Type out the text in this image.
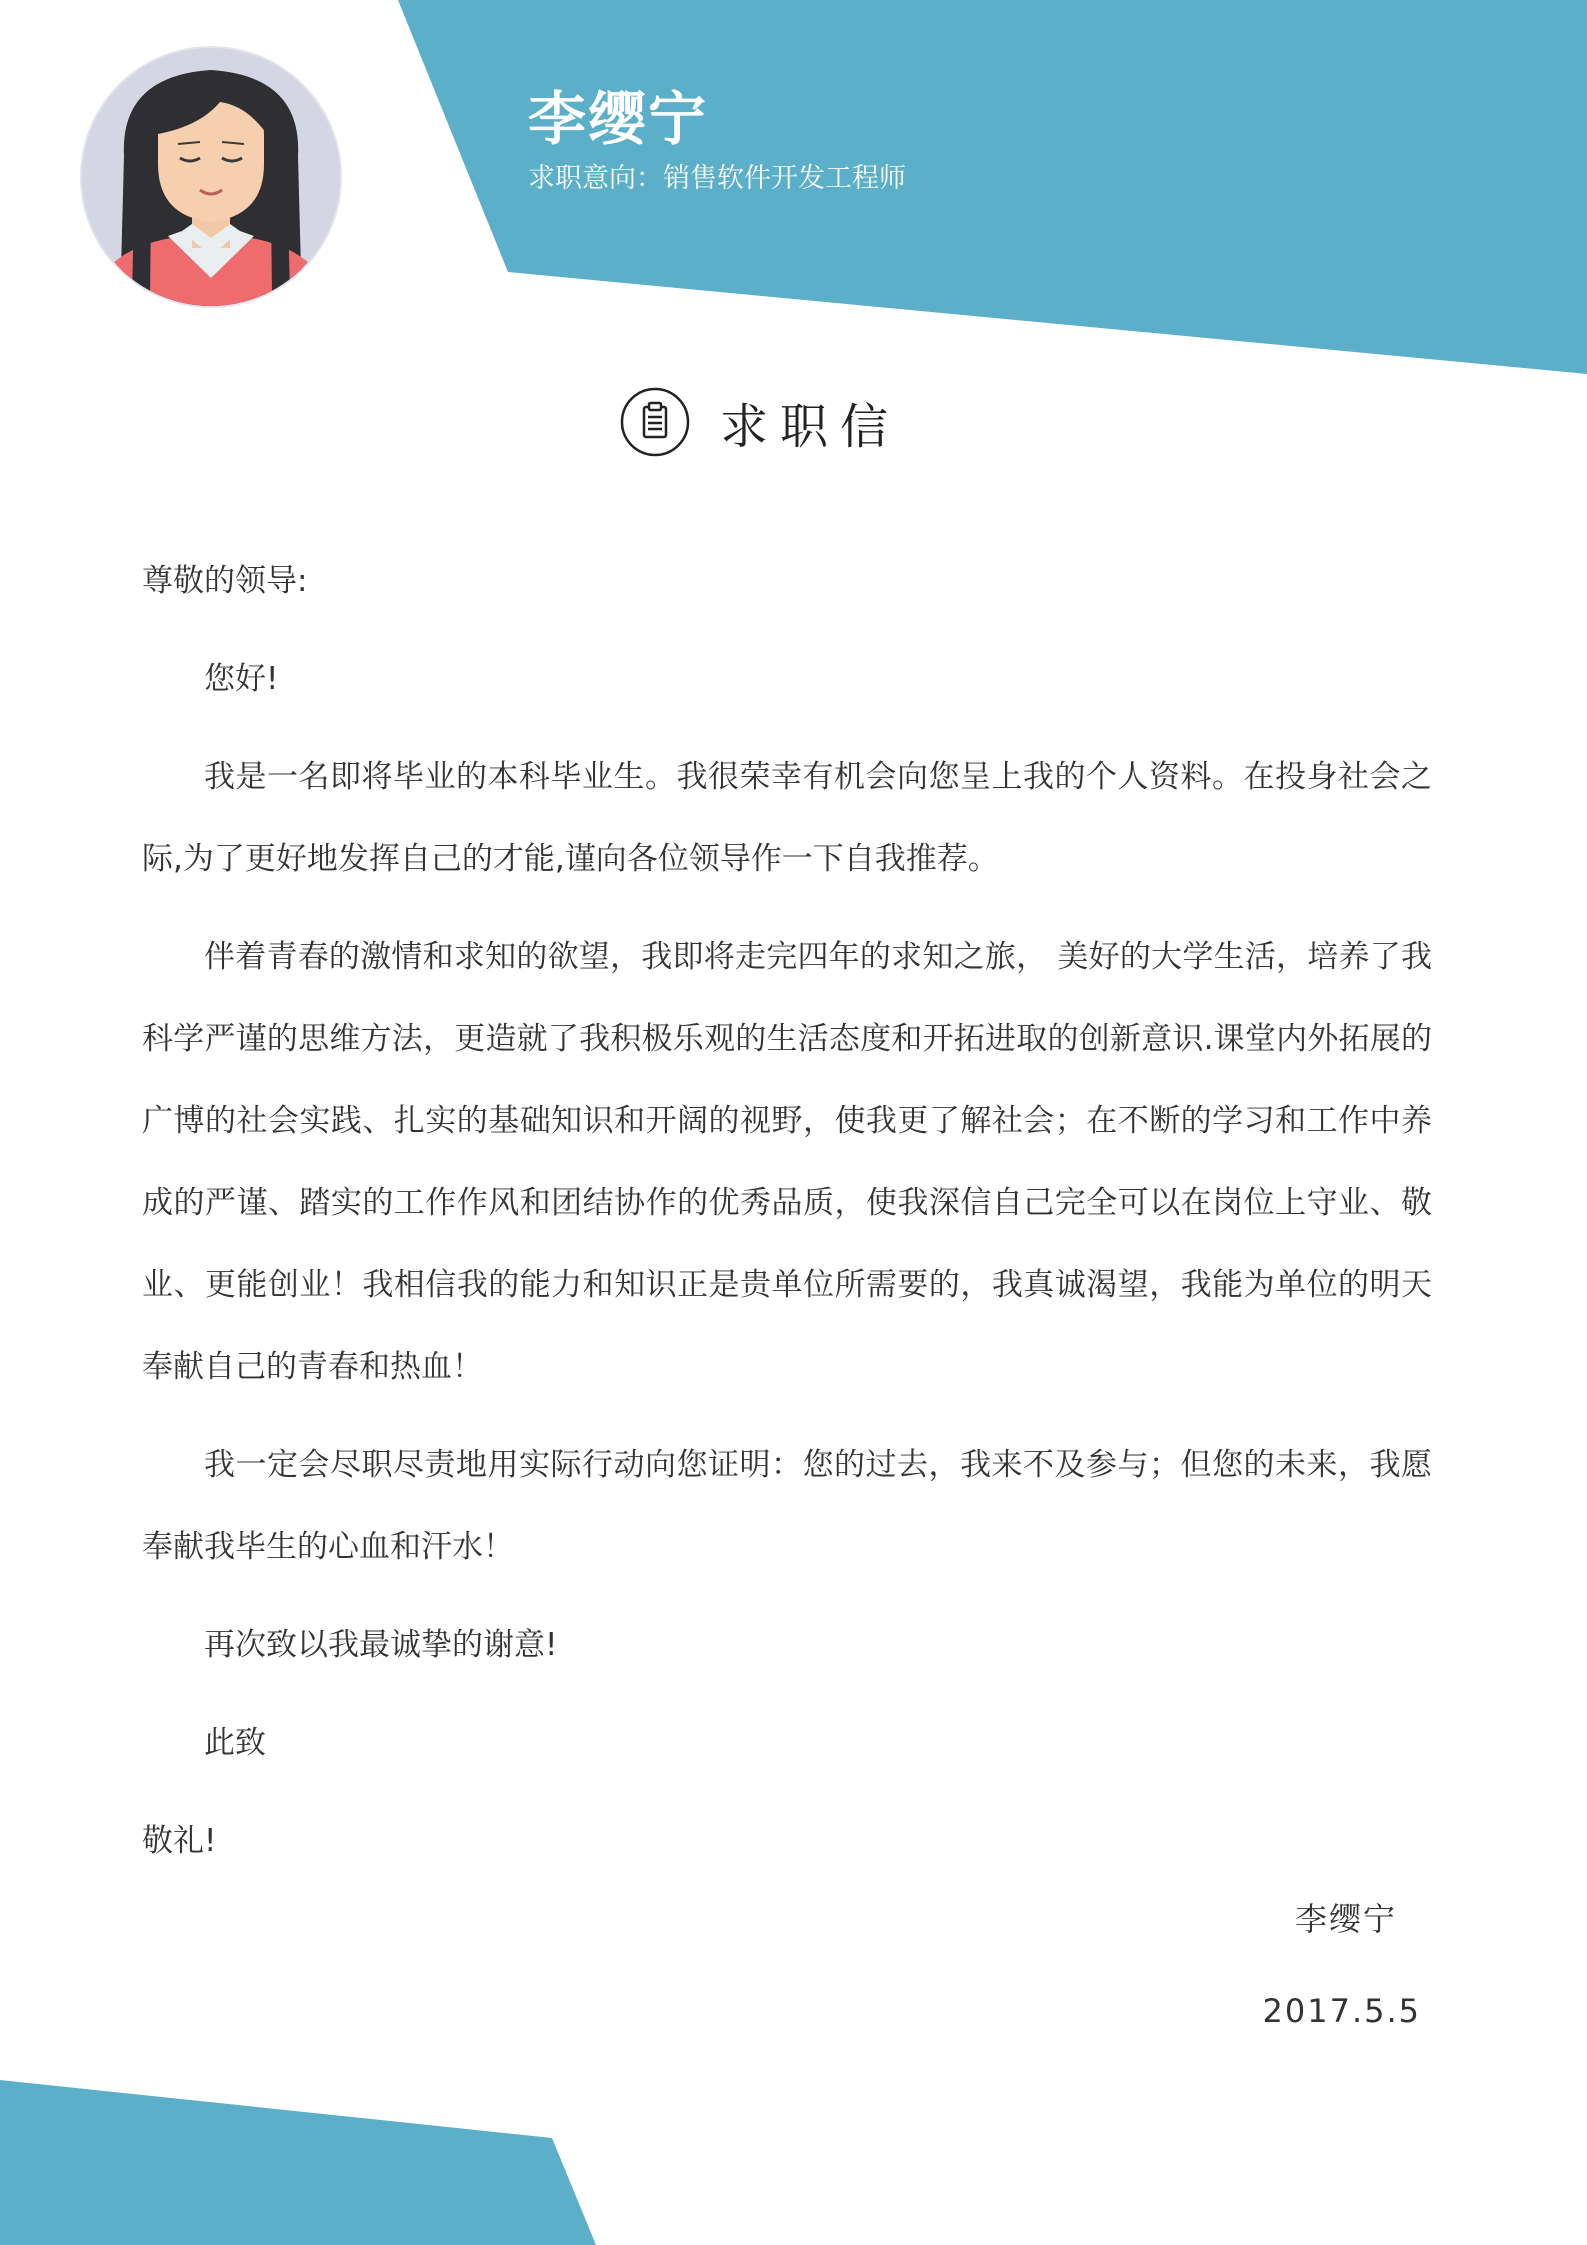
李缨宁
求职意向：销售软件开发工程师
求职信

尊敬的领导:

您好!

我是一名即将毕业的本科毕业生。我很荣幸有机会向您呈上我的个人资料。在投身社会之际,为了更好地发挥自己的才能,谨向各位领导作一下自我推荐。

伴着青春的激情和求知的欲望，我即将走完四年的求知之旅， 美好的大学生活，培养了我科学严谨的思维方法，更造就了我积极乐观的生活态度和开拓进取的创新意识.课堂内外拓展的广博的社会实践、扎实的基础知识和开阔的视野，使我更了解社会；在不断的学习和工作中养成的严谨、踏实的工作作风和团结协作的优秀品质，使我深信自己完全可以在岗位上守业、敬业、更能创业！我相信我的能力和知识正是贵单位所需要的，我真诚渴望，我能为单位的明天奉献自己的青春和热血！

我一定会尽职尽责地用实际行动向您证明：您的过去，我来不及参与；但您的未来，我愿奉献我毕生的心血和汗水！

再次致以我最诚挚的谢意!

此致

敬礼!

李缨宁
2017.5.5
